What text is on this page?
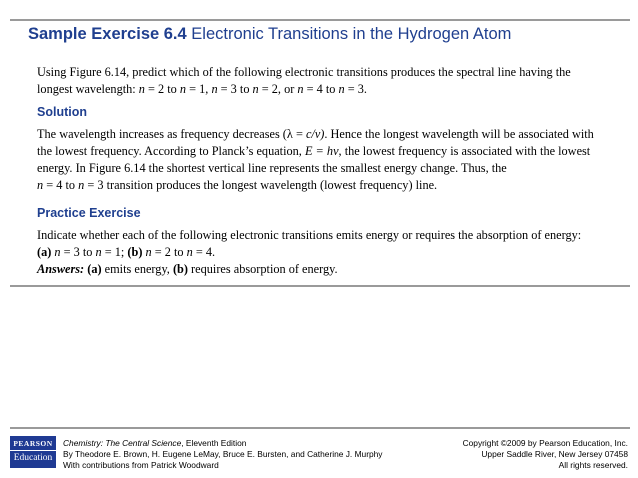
Sample Exercise 6.4 Electronic Transitions in the Hydrogen Atom

Using Figure 6.14, predict which of the following electronic transitions produces the spectral line having the longest wavelength: n = 2 to n = 1, n = 3 to n = 2, or n = 4 to n = 3.

Solution

The wavelength increases as frequency decreases (λ = c/ν). Hence the longest wavelength will be associated with the lowest frequency. According to Planck’s equation, E = hν, the lowest frequency is associated with the lowest energy. In Figure 6.14 the shortest vertical line represents the smallest energy change. Thus, the
n = 4 to n = 3 transition produces the longest wavelength (lowest frequency) line.

Practice Exercise

Indicate whether each of the following electronic transitions emits energy or requires the absorption of energy: (a) n = 3 to n = 1; (b) n = 2 to n = 4.
Answers: (a) emits energy, (b) requires absorption of energy.

PEARSON
Education

Chemistry: The Central Science, Eleventh Edition
By Theodore E. Brown, H. Eugene LeMay, Bruce E. Bursten, and Catherine J. Murphy
With contributions from Patrick Woodward

Copyright ©2009 by Pearson Education, Inc.
Upper Saddle River, New Jersey 07458
All rights reserved.
